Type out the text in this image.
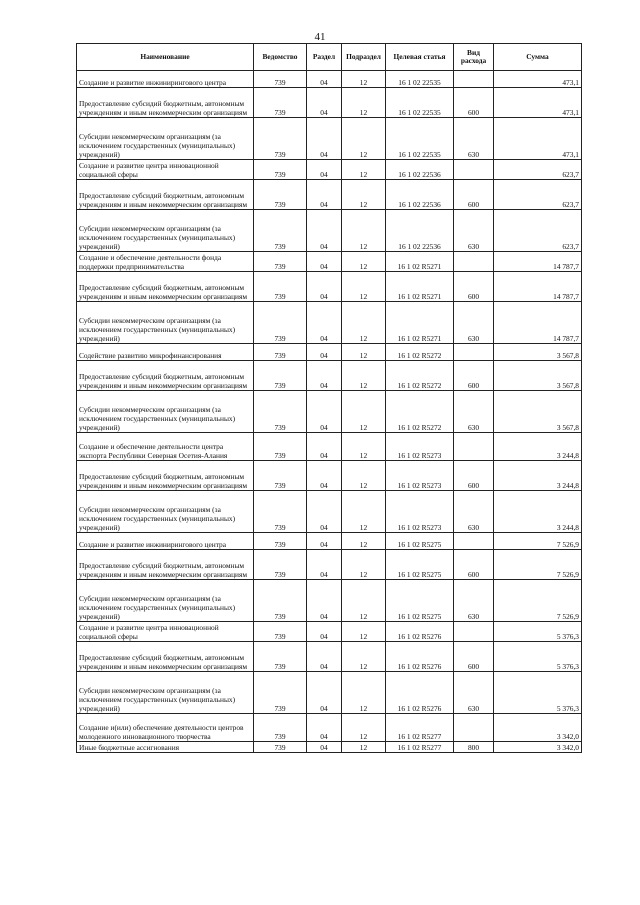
41
Наименование	Ведомство	Раздел	Подраздел	Целевая статья	Вид расхода	Сумма
Создание и развитие инжинирингового центра	739	04	12	16 1 02 22535		473,1
Предоставление субсидий бюджетным, автономным учреждениям и иным некоммерческим организациям	739	04	12	16 1 02 22535	600	473,1
Субсидии некоммерческим организациям (за исключением государственных (муниципальных) учреждений)	739	04	12	16 1 02 22535	630	473,1
Создание и развитие центра инновационной социальной сферы	739	04	12	16 1 02 22536		623,7
Предоставление субсидий бюджетным, автономным учреждениям и иным некоммерческим организациям	739	04	12	16 1 02 22536	600	623,7
Субсидии некоммерческим организациям (за исключением государственных (муниципальных) учреждений)	739	04	12	16 1 02 22536	630	623,7
Создание и обеспечение деятельности фонда поддержки предпринимательства	739	04	12	16 1 02 R5271		14 787,7
Предоставление субсидий бюджетным, автономным учреждениям и иным некоммерческим организациям	739	04	12	16 1 02 R5271	600	14 787,7
Субсидии некоммерческим организациям (за исключением государственных (муниципальных) учреждений)	739	04	12	16 1 02 R5271	630	14 787,7
Содействие развитию микрофинансирования	739	04	12	16 1 02 R5272		3 567,8
Предоставление субсидий бюджетным, автономным учреждениям и иным некоммерческим организациям	739	04	12	16 1 02 R5272	600	3 567,8
Субсидии некоммерческим организациям (за исключением государственных (муниципальных) учреждений)	739	04	12	16 1 02 R5272	630	3 567,8
Создание и обеспечение деятельности центра экспорта Республики Северная Осетия-Алания	739	04	12	16 1 02 R5273		3 244,8
Предоставление субсидий бюджетным, автономным учреждениям и иным некоммерческим организациям	739	04	12	16 1 02 R5273	600	3 244,8
Субсидии некоммерческим организациям (за исключением государственных (муниципальных) учреждений)	739	04	12	16 1 02 R5273	630	3 244,8
Создание и развитие инжинирингового центра	739	04	12	16 1 02 R5275		7 526,9
Предоставление субсидий бюджетным, автономным учреждениям и иным некоммерческим организациям	739	04	12	16 1 02 R5275	600	7 526,9
Субсидии некоммерческим организациям (за исключением государственных (муниципальных) учреждений)	739	04	12	16 1 02 R5275	630	7 526,9
Создание и развитие центра инновационной социальной сферы	739	04	12	16 1 02 R5276		5 376,3
Предоставление субсидий бюджетным, автономным учреждениям и иным некоммерческим организациям	739	04	12	16 1 02 R5276	600	5 376,3
Субсидии некоммерческим организациям (за исключением государственных (муниципальных) учреждений)	739	04	12	16 1 02 R5276	630	5 376,3
Создание и(или) обеспечение деятельности центров молодежного инновационного творчества	739	04	12	16 1 02 R5277		3 342,0
Иные бюджетные ассигнования	739	04	12	16 1 02 R5277	800	3 342,0
